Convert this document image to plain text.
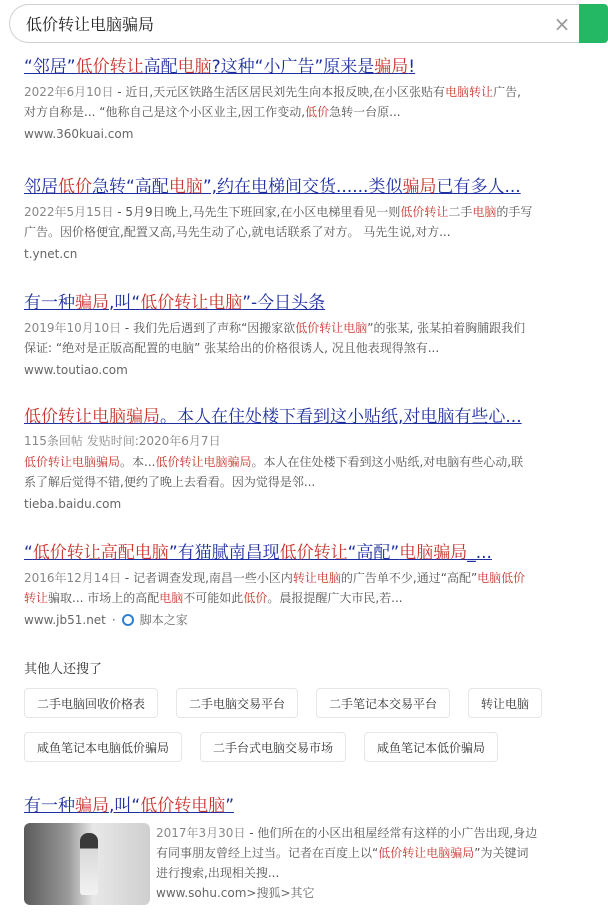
低价转让电脑骗局
×
“邻居”低价转让高配电脑?这种“小广告”原来是骗局!
2022年6月10日 - 近日,天元区铁路生活区居民刘先生向本报反映,在小区张贴有电脑转让广告,
对方自称是... “他称自己是这个小区业主,因工作变动,低价急转一台原...
www.360kuai.com
邻居低价急转“高配电脑”,约在电梯间交货......类似骗局已有多人...
2022年5月15日 - 5月9日晚上,马先生下班回家,在小区电梯里看见一则低价转让二手电脑的手写
广告。因价格便宜,配置又高,马先生动了心,就电话联系了对方。 马先生说,对方...
t.ynet.cn
有一种骗局,叫“低价转让电脑”-今日头条
2019年10月10日 - 我们先后遇到了声称“因搬家欲低价转让电脑”的张某, 张某拍着胸脯跟我们
保证: “绝对是正版高配置的电脑” 张某给出的价格很诱人, 况且他表现得煞有...
www.toutiao.com
低价转让电脑骗局。本人在住处楼下看到这小贴纸,对电脑有些心...
115条回帖 发贴时间:2020年6月7日
低价转让电脑骗局。本...低价转让电脑骗局。本人在住处楼下看到这小贴纸,对电脑有些心动,联
系了解后觉得不错,便约了晚上去看看。因为觉得是邻...
tieba.baidu.com
“低价转让高配电脑”有猫腻南昌现低价转让“高配”电脑骗局_...
2016年12月14日 - 记者调查发现,南昌一些小区内转让电脑的广告单不少,通过“高配”电脑低价
转让骗取... 市场上的高配电脑不可能如此低价。晨报提醒广大市民,若...
www.jb51.net · 脚本之家
其他人还搜了
二手电脑回收价格表	二手电脑交易平台	二手笔记本交易平台	转让电脑
咸鱼笔记本电脑低价骗局	二手台式电脑交易市场	咸鱼笔记本低价骗局
有一种骗局,叫“低价转电脑”
2017年3月30日 - 他们所在的小区出租屋经常有这样的小广告出现,身边
有同事朋友曾经上过当。记者在百度上以“低价转让电脑骗局”为关键词
进行搜索,出现相关搜...
www.sohu.com>搜狐>其它
